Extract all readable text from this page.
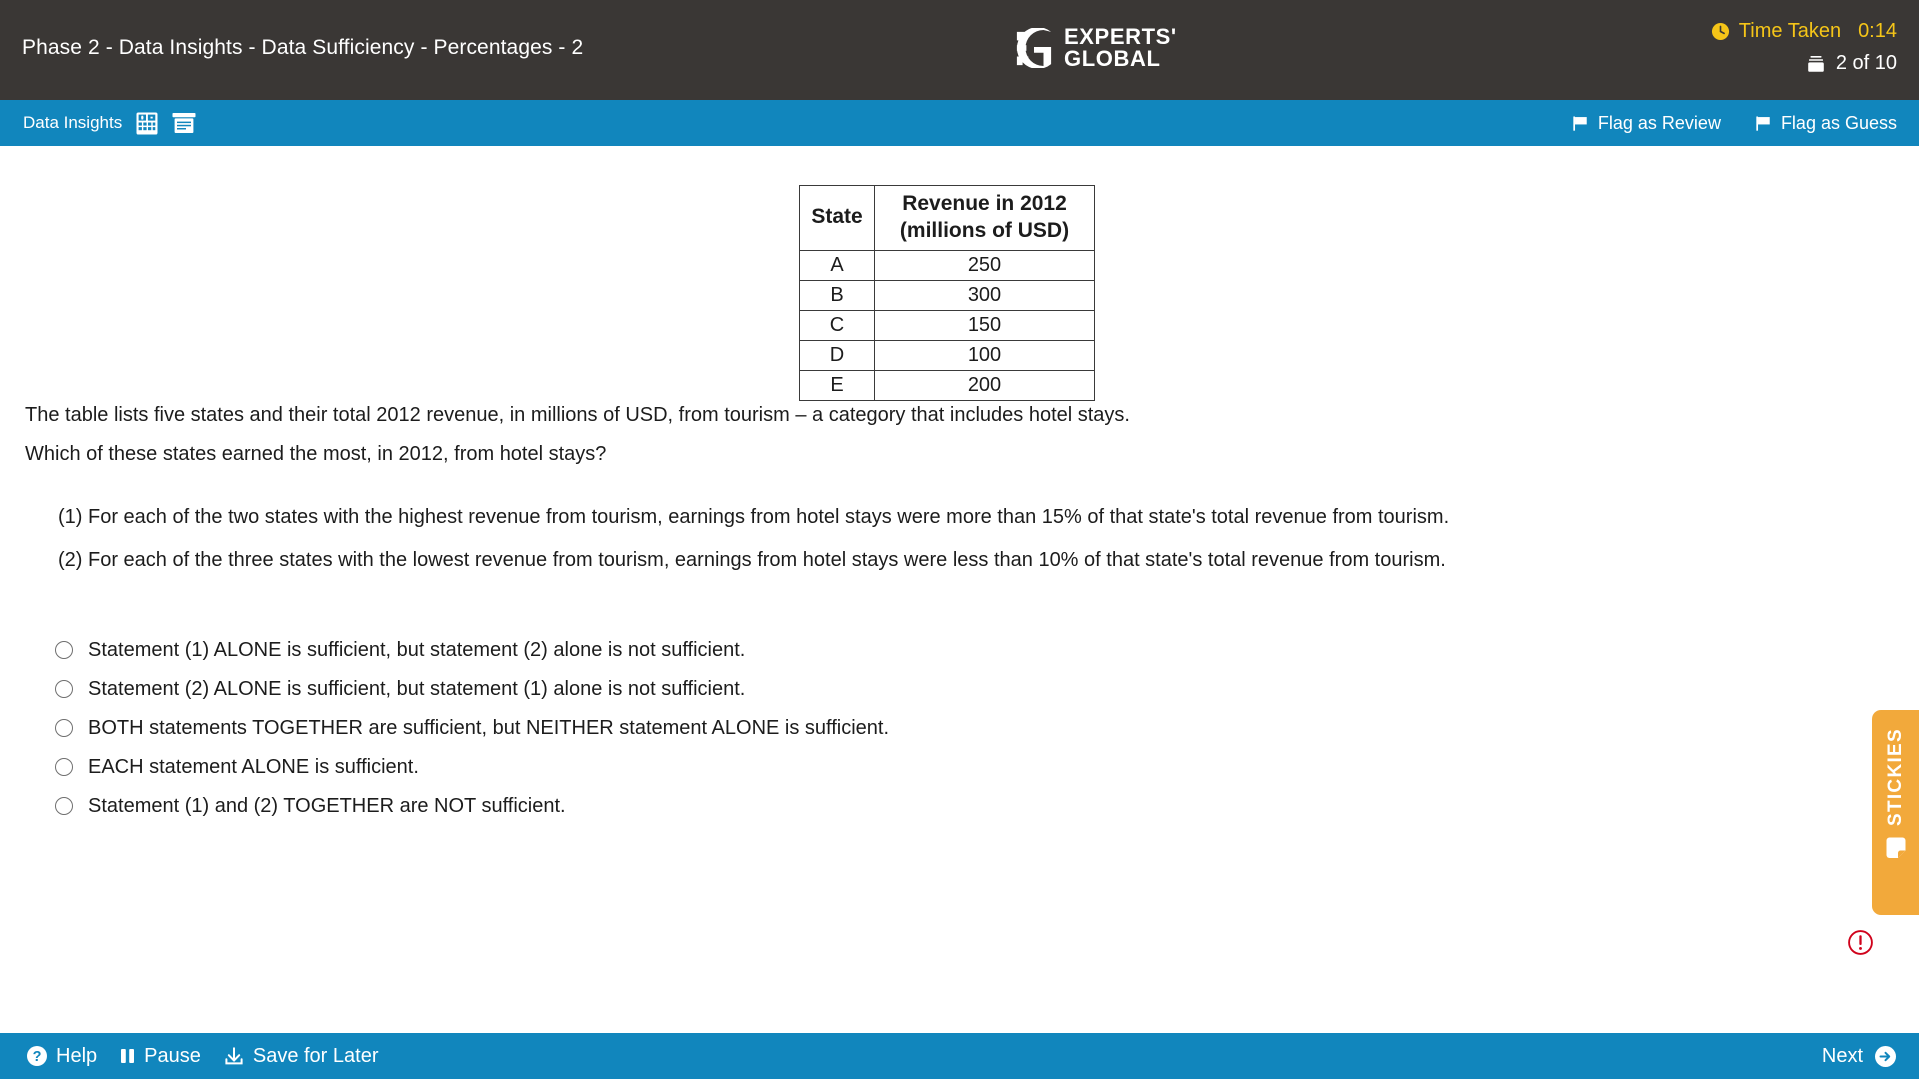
Phase 2 - Data Insights - Data Sufficiency - Percentages - 2	EXPERTS'
GLOBAL
Time Taken 0:14
2 of 10
Data Insights	Flag as Review	Flag as Guess
State	Revenue in 2012
(millions of USD)
A	250
B	300
C	150
D	100
E	200

The table lists five states and their total 2012 revenue, in millions of USD, from tourism – a category that includes hotel stays.

Which of these states earned the most, in 2012, from hotel stays?

(1) For each of the two states with the highest revenue from tourism, earnings from hotel stays were more than 15% of that state's total revenue from tourism.

(2) For each of the three states with the lowest revenue from tourism, earnings from hotel stays were less than 10% of that state's total revenue from tourism.

Statement (1) ALONE is sufficient, but statement (2) alone is not sufficient.
Statement (2) ALONE is sufficient, but statement (1) alone is not sufficient.
BOTH statements TOGETHER are sufficient, but NEITHER statement ALONE is sufficient.
EACH statement ALONE is sufficient.
Statement (1) and (2) TOGETHER are NOT sufficient.	STICKIES
? Help Pause	Save for Later	Next
